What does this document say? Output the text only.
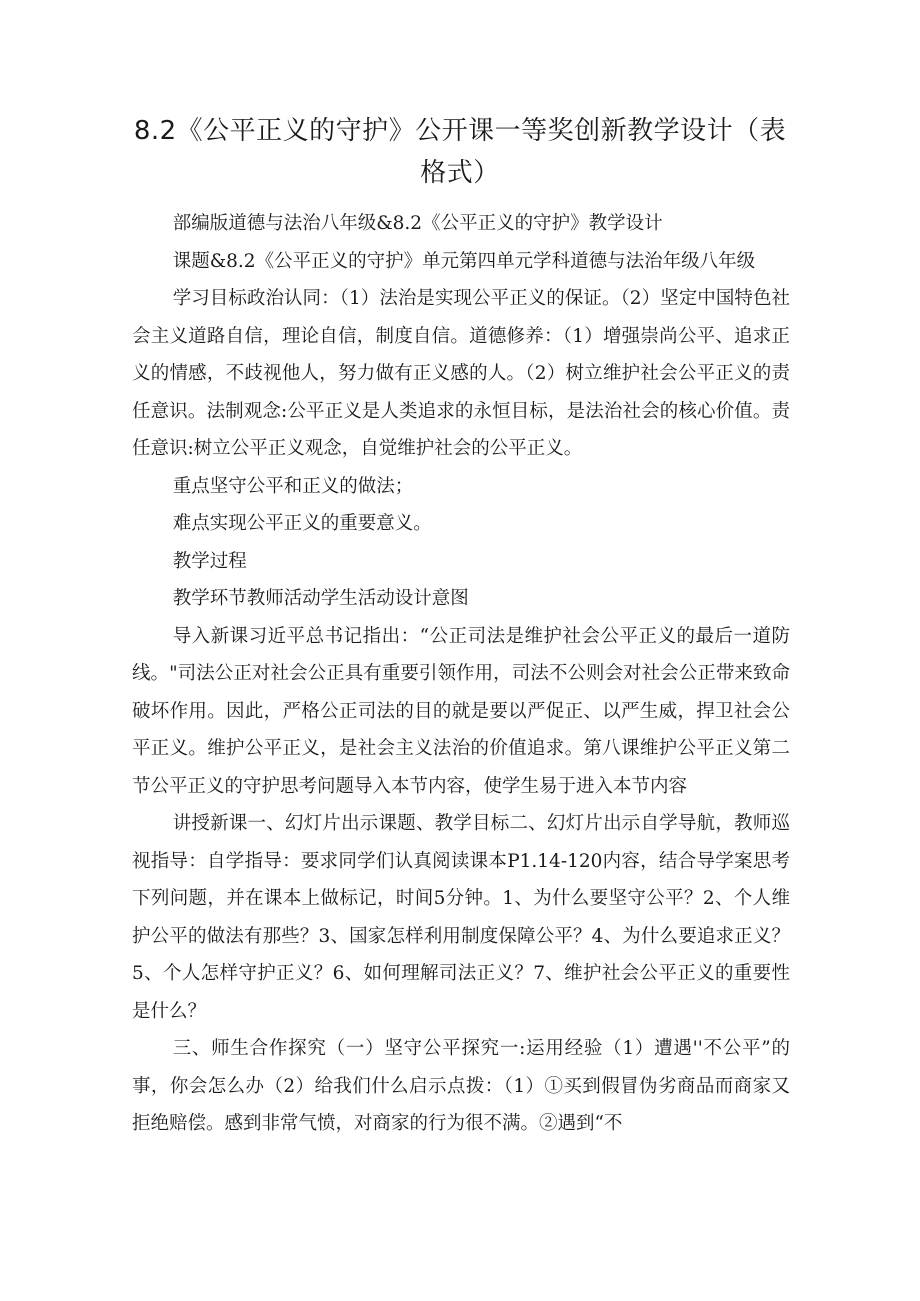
8.2《公平正义的守护》公开课一等奖创新教学设计（表格式）

部编版道德与法治八年级&8.2《公平正义的守护》教学设计

课题&8.2《公平正义的守护》单元第四单元学科道德与法治年级八年级

学习目标政治认同：（1）法治是实现公平正义的保证。（2）坚定中国特色社会主义道路自信，理论自信，制度自信。道德修养：（1）增强崇尚公平、追求正义的情感，不歧视他人，努力做有正义感的人。（2）树立维护社会公平正义的责任意识。法制观念:公平正义是人类追求的永恒目标，是法治社会的核心价值。责任意识:树立公平正义观念，自觉维护社会的公平正义。

重点坚守公平和正义的做法；

难点实现公平正义的重要意义。

教学过程

教学环节教师活动学生活动设计意图

导入新课习近平总书记指出：“公正司法是维护社会公平正义的最后一道防线。"司法公正对社会公正具有重要引领作用，司法不公则会对社会公正带来致命破坏作用。因此，严格公正司法的目的就是要以严促正、以严生威，捍卫社会公平正义。维护公平正义，是社会主义法治的价值追求。第八课维护公平正义第二节公平正义的守护思考问题导入本节内容，使学生易于进入本节内容

讲授新课一、幻灯片出示课题、教学目标二、幻灯片出示自学导航，教师巡视指导：自学指导：要求同学们认真阅读课本P1.14-120内容，结合导学案思考下列问题，并在课本上做标记，时间5分钟。1、为什么要坚守公平？2、个人维护公平的做法有那些？3、国家怎样利用制度保障公平？4、为什么要追求正义？5、个人怎样守护正义？6、如何理解司法正义？7、维护社会公平正义的重要性是什么？

三、师生合作探究（一）坚守公平探究一:运用经验（1）遭遇''不公平”的事，你会怎么办（2）给我们什么启示点拨：（1）①买到假冒伪劣商品而商家又拒绝赔偿。感到非常气愤，对商家的行为很不满。②遇到“不
